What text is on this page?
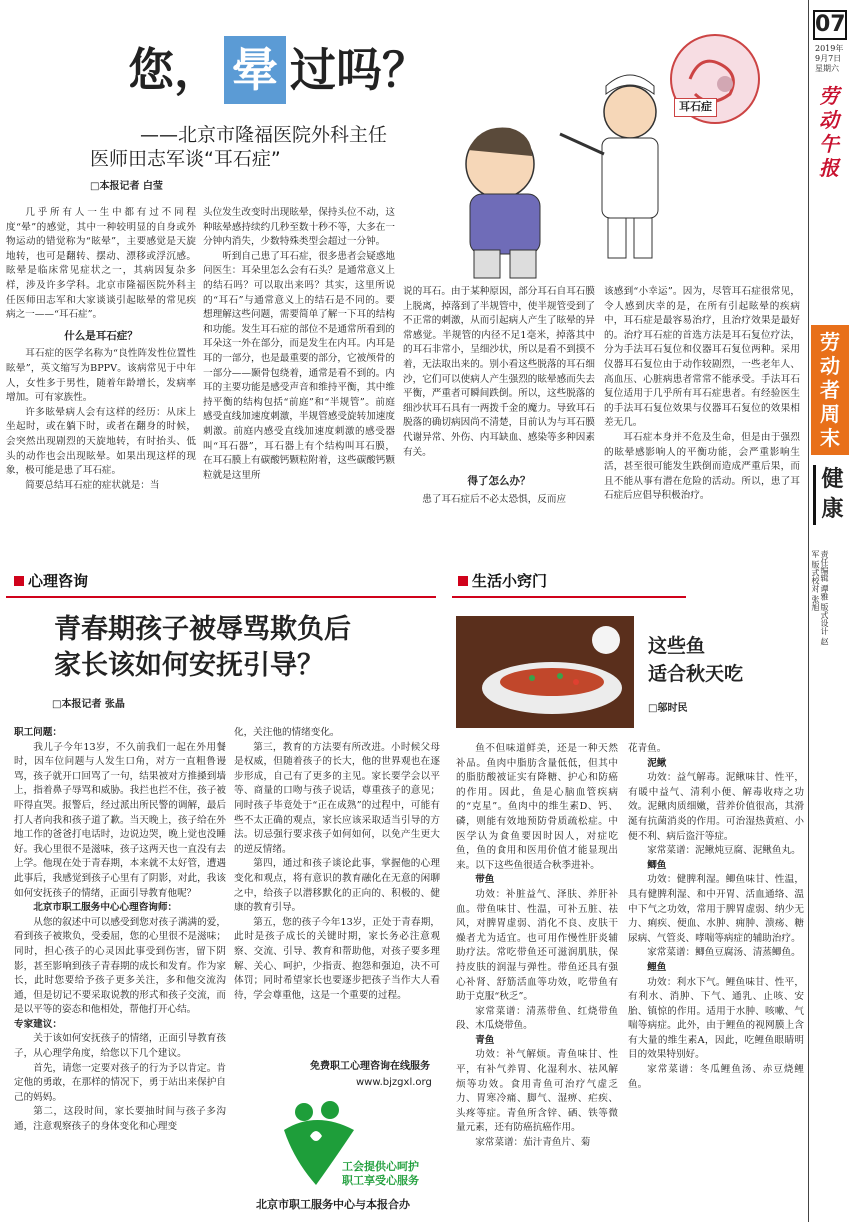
07
2019年
9月7日
星期六
劳动午报
劳动者周末
健康
责任编辑 谭雅 版式设计 赵军 版式校对 张旭
您， 晕 过吗？
——北京市隆福医院外科主任
医师田志军谈“耳石症”
□本报记者 白莹
耳石症

几乎所有人一生中都有过不同程度“晕”的感觉，其中一种较明显的自身或外物运动的错觉称为“眩晕”，主要感觉是天旋地转，也可是翻转、摆动、漂移或浮沉感。眩晕是临床常见症状之一，其病因复杂多样，涉及许多学科。北京市隆福医院外科主任医师田志军和大家谈谈引起眩晕的常见疾病之一——“耳石症”。

什么是耳石症？

耳石症的医学名称为“良性阵发性位置性眩晕”，英文缩写为BPPV。该病常见于中年人，女性多于男性，随着年龄增长，发病率增加。可有家族性。

许多眩晕病人会有这样的经历：从床上坐起时，或在躺下时，或者在翻身的时候，会突然出现剧烈的天旋地转，有时抬头、低头的动作也会出现眩晕。如果出现这样的现象，极可能是患了耳石症。

简要总结耳石症的症状就是：当

头位发生改变时出现眩晕，保持头位不动，这种眩晕感持续约几秒至数十秒不等，大多在一分钟内消失，少数特殊类型会超过一分钟。

听到自己患了耳石症，很多患者会疑惑地问医生：耳朵里怎么会有石头？是通常意义上的结石吗？可以取出来吗？其实，这里所说的“耳石”与通常意义上的结石是不同的。要想理解这些问题，需要简单了解一下耳的结构和功能。发生耳石症的部位不是通常所看到的耳朵这一外在部分，而是发生在内耳。内耳是耳的一部分，也是最重要的部分，它被颅骨的一部分——颞骨包绕着，通常是看不到的。内耳的主要功能是感受声音和维持平衡，其中维持平衡的结构包括“前庭”和“半规管”。前庭感受直线加速度刺激，半规管感受旋转加速度刺激。前庭内感受直线加速度刺激的感受器叫“耳石器”，耳石器上有个结构叫耳石膜，在耳石膜上有碳酸钙颗粒附着，这些碳酸钙颗粒就是这里所

说的耳石。由于某种原因，部分耳石自耳石膜上脱离，掉落到了半规管中，使半规管受到了不正常的刺激，从而引起病人产生了眩晕的异常感觉。半规管的内径不足1毫米，掉落其中的耳石非常小，呈细沙状，所以是看不到摸不着，无法取出来的。别小看这些脱落的耳石细沙，它们可以使病人产生强烈的眩晕感而失去平衡，严重者可瞬间跌倒。所以，这些脱落的细沙状耳石具有一两拨千金的魔力。导致耳石脱落的确切病因尚不清楚，目前认为与耳石膜代谢异常、外伤、内耳缺血、感染等多种因素有关。

得了怎么办？

患了耳石症后不必太恐惧，反而应

该感到“小幸运”。因为，尽管耳石症很常见，令人感到庆幸的是，在所有引起眩晕的疾病中，耳石症是最容易治疗，且治疗效果是最好的。治疗耳石症的首选方法是耳石复位疗法，分为手法耳石复位和仪器耳石复位两种。采用仪器耳石复位由于动作较剧烈，一些老年人、高血压、心脏病患者常常不能承受。手法耳石复位适用于几乎所有耳石症患者。有经验医生的手法耳石复位效果与仪器耳石复位的效果相差无几。

耳石症本身并不危及生命，但是由于强烈的眩晕感影响人的平衡功能，会严重影响生活，甚至很可能发生跌倒而造成严重后果，而且不能从事有潜在危险的活动。所以，患了耳石症后应倡导积极治疗。

心理咨询	生活小窍门
青春期孩子被辱骂欺负后
家长该如何安抚引导？
□本报记者 张晶
职工问题：

我儿子今年13岁，不久前我们一起在外用餐时，因车位问题与人发生口角，对方一直粗鲁谩骂，孩子就开口回骂了一句，结果被对方推搡到墙上，指着鼻子辱骂和威胁。我拦也拦不住，孩子被吓得直哭。报警后，经过派出所民警的调解，最后打人者向我和孩子道了歉。当天晚上，孩子给在外地工作的爸爸打电话时，边说边哭，晚上觉也没睡好。我心里很不是滋味，孩子这两天也一直没有去上学。他现在处于青春期，本来就不太好管，遭遇此事后，我感觉到孩子心里有了阴影，对此，我该如何安抚孩子的情绪，正面引导教育他呢？

北京市职工服务中心心理咨询师：

从您的叙述中可以感受到您对孩子满满的爱，看到孩子被欺负，受委屈，您的心里很不是滋味；同时，担心孩子的心灵因此事受到伤害，留下阴影，甚至影响到孩子青春期的成长和发育。作为家长，此时您要给予孩子更多关注，多和他交流沟通，但是切记不要采取说教的形式和孩子交流，而是以平等的姿态和他相处，帮他打开心结。

专家建议：

关于该如何安抚孩子的情绪，正面引导教育孩子，从心理学角度，给您以下几个建议。

首先，请您一定要对孩子的行为予以肯定。肯定他的勇敢，在那样的情况下，勇于站出来保护自己的妈妈。

第二，这段时间，家长要抽时间与孩子多沟通，注意观察孩子的身体变化和心理变

化，关注他的情绪变化。

第三，教育的方法要有所改进。小时候父母是权威，但随着孩子的长大，他的世界观也在逐步形成，自己有了更多的主见。家长要学会以平等、商量的口吻与孩子说话，尊重孩子的意见；同时孩子毕竟处于“正在成熟”的过程中，可能有些不太正确的观点，家长应该采取适当引导的方法。切忌强行要求孩子如何如何，以免产生更大的逆反情绪。

第四，通过和孩子谈论此事，掌握他的心理变化和观点，将有意识的教育融化在无意的闲聊之中，给孩子以潜移默化的正向的、积极的、健康的教育引导。

第五，您的孩子今年13岁，正处于青春期，此时是孩子成长的关键时期，家长务必注意观察、交流、引导、教育和帮助他，对孩子要多理解、关心、呵护，少指责、抱怨和强迫，决不可体罚；同时希望家长也要逐步把孩子当作大人看待，学会尊重他，这是一个重要的过程。

免费职工心理咨询在线服务
www.bjzgxl.org
工会提供心呵护
职工享受心服务
北京市职工服务中心与本报合办
这些鱼
适合秋天吃
□邬时民

鱼不但味道鲜美，还是一种天然补品。鱼肉中脂肪含量低低，但其中的脂肪酸被证实有降糖、护心和防癌的作用。因此，鱼是心脑血管疾病的“克星”。鱼肉中的维生素D、钙、磷，则能有效地预防骨质疏松症。中医学认为食鱼要因时因人，对症吃鱼，鱼的食用和医用价值才能显现出来。以下这些鱼很适合秋季进补。

带鱼

功效：补脏益气、泽肤、养肝补血。带鱼味甘、性温，可补五脏、祛风，对脾胃虚弱、消化不良、皮肤干燥者尤为适宜。也可用作慢性肝炎辅助疗法。常吃带鱼还可滋润肌肤，保持皮肤的润湿与弹性。带鱼还具有强心补肾、舒筋活血等功效，吃带鱼有助于克服“秋乏”。

家常菜谱：清蒸带鱼、红烧带鱼段、木瓜烧带鱼。

青鱼

功效：补气解烦。青鱼味甘、性平，有补气养胃、化湿利水、祛风解烦等功效。食用青鱼可治疗气虚乏力、胃寒冷痛、脚气、湿痹、疟疾、头疼等症。青鱼所含锌、硒、铁等微量元素，还有防癌抗癌作用。

家常菜谱：茄汁青鱼片、菊

花青鱼。

泥鳅

功效：益气解毒。泥鳅味甘、性平，有暖中益气、清利小便、解毒收痔之功效。泥鳅肉质细嫩，营养价值很高，其滑涎有抗菌消炎的作用。可治湿热黄疸、小便不利、病后盗汗等症。

家常菜谱：泥鳅炖豆腐、泥鳅鱼丸。

鲫鱼

功效：健脾利湿。鲫鱼味甘、性温，具有健脾利湿、和中开胃、活血通络、温中下气之功效，常用于脾胃虚弱、纳少无力、痢疾、便血、水肿、痈肿、溃疡、糖尿病、气管炎、哮喘等病症的辅助治疗。

家常菜谱：鲫鱼豆腐汤、清蒸鲫鱼。

鲤鱼

功效：利水下气。鲤鱼味甘、性平，有利水、消肿、下气、通乳、止咳、安胎、镇惊的作用。适用于水肿、咳嗽、气喘等病症。此外，由于鲤鱼的视网膜上含有大量的维生素A，因此，吃鲤鱼眼睛明目的效果特别好。

家常菜谱：冬瓜鲤鱼汤、赤豆烧鲤鱼。
